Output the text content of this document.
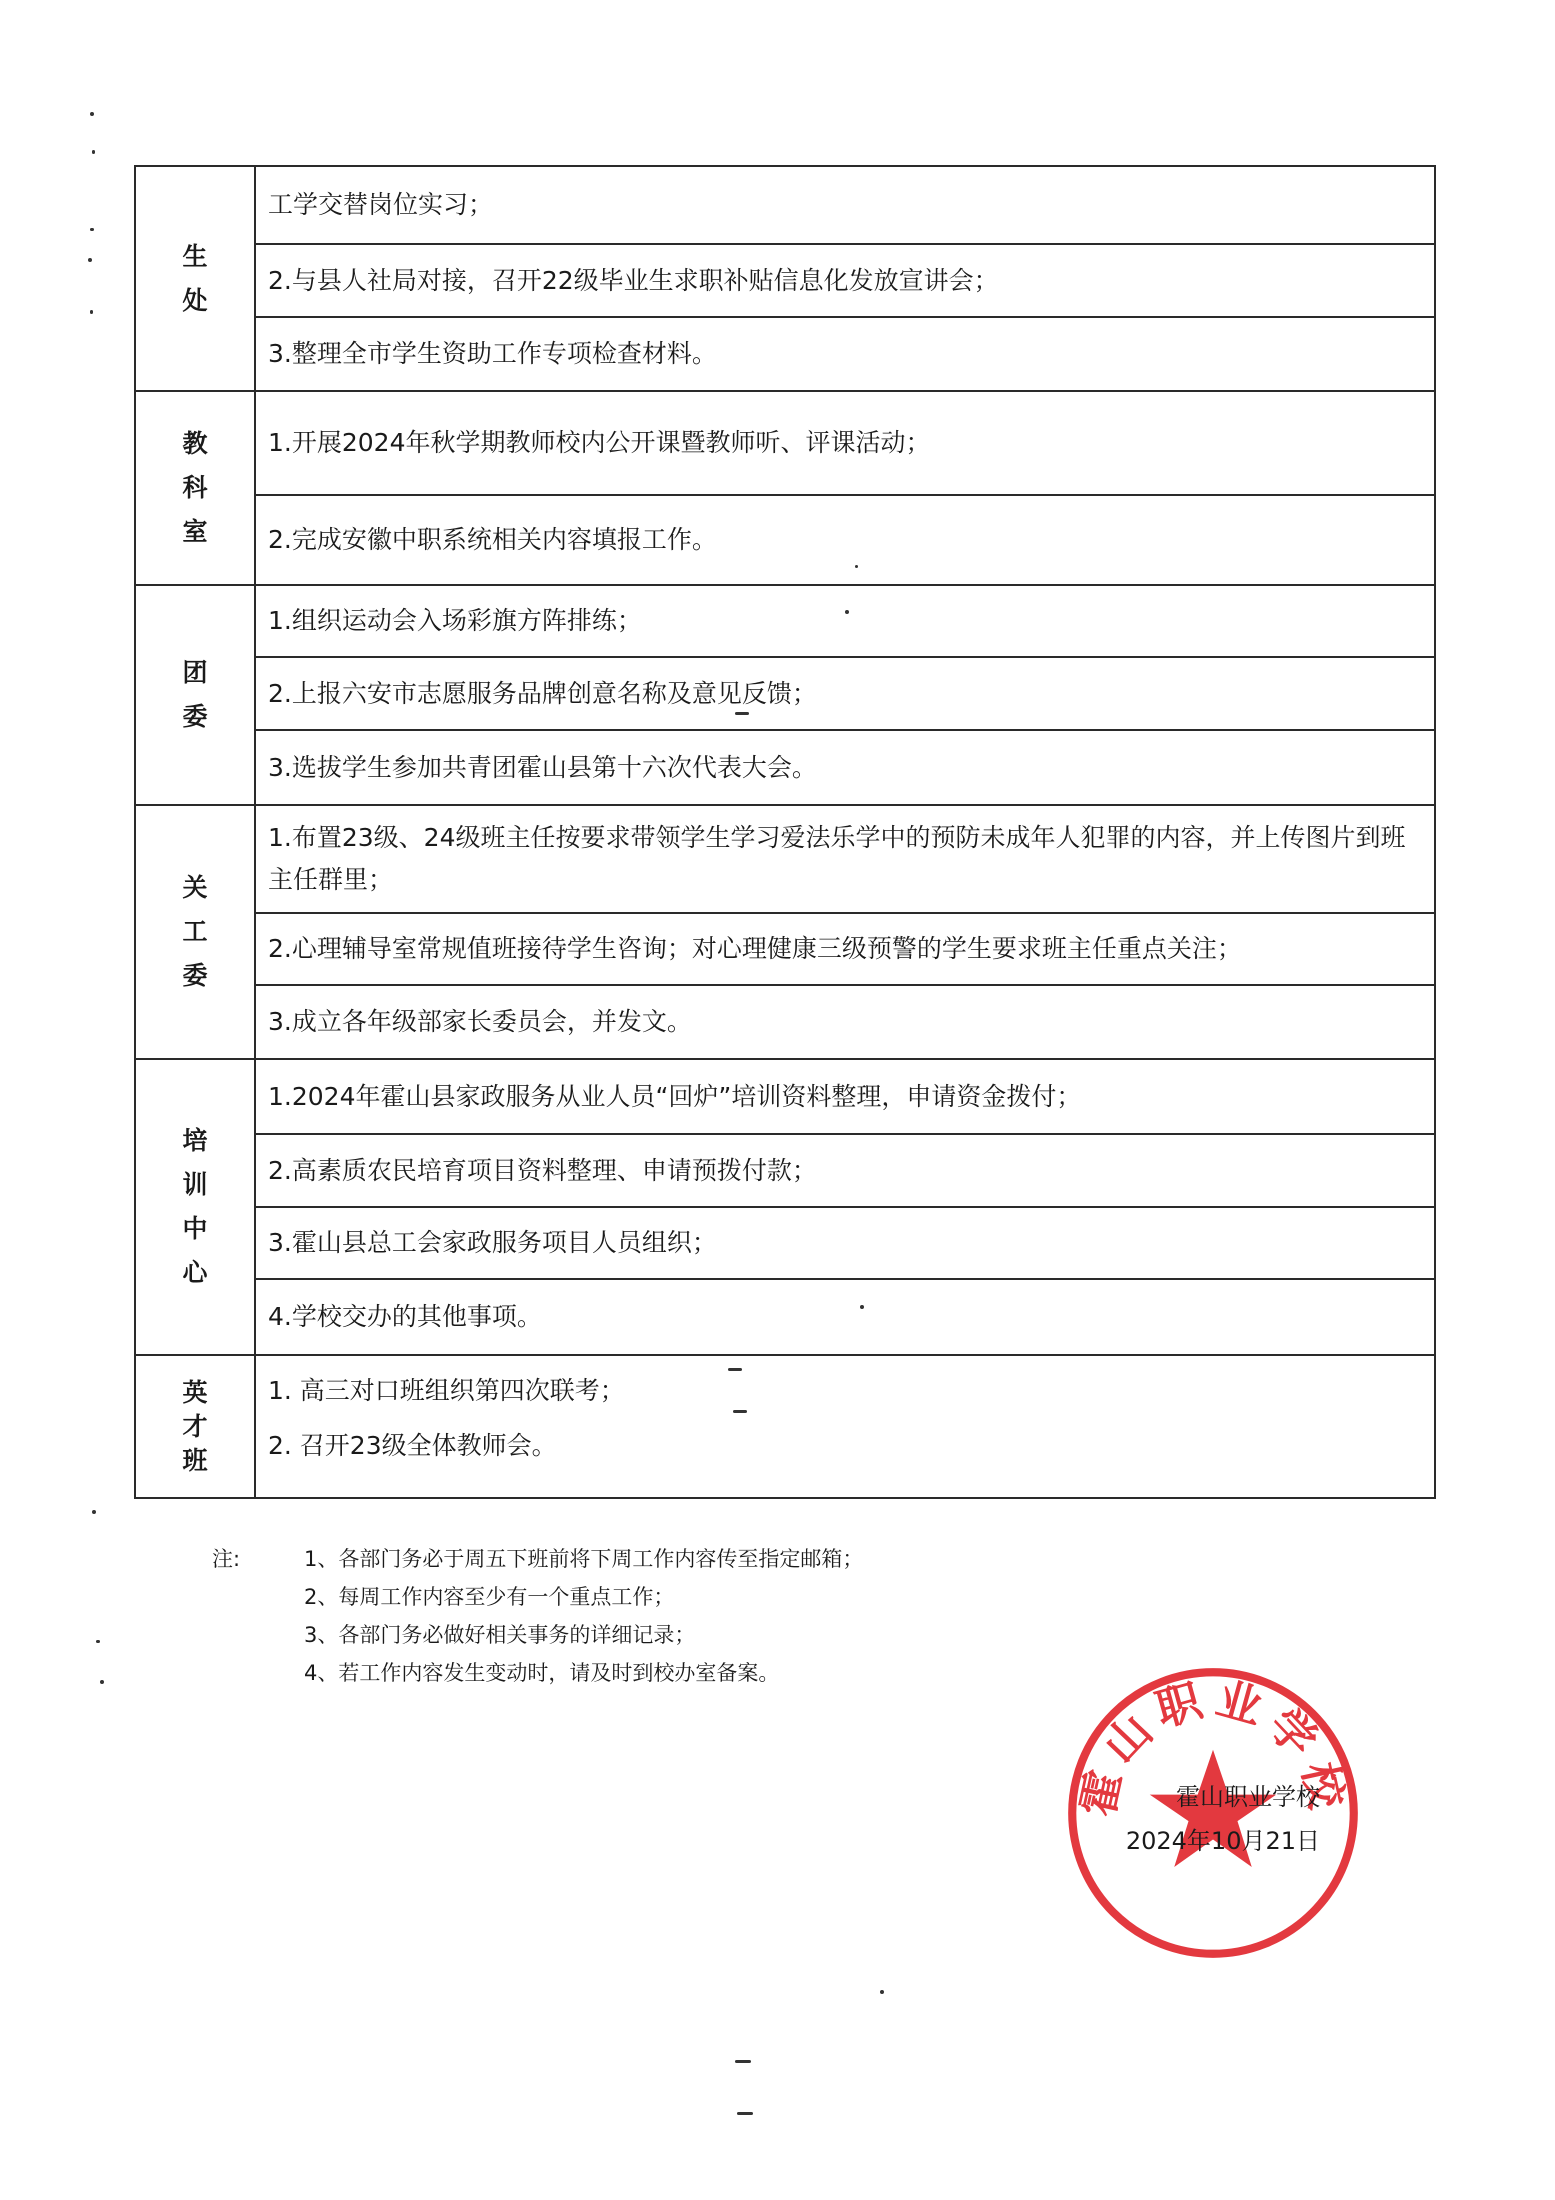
生
处	工学交替岗位实习；
	2.与县人社局对接，召开22级毕业生求职补贴信息化发放宣讲会；
	3.整理全市学生资助工作专项检查材料。

教
科
室	1.开展2024年秋学期教师校内公开课暨教师听、评课活动；
	2.完成安徽中职系统相关内容填报工作。

团
委	1.组织运动会入场彩旗方阵排练；
	2.上报六安市志愿服务品牌创意名称及意见反馈；
	3.选拔学生参加共青团霍山县第十六次代表大会。

关
工
委	1.布置23级、24级班主任按要求带领学生学习爱法乐学中的预防未成年人犯罪的内容，并上传图片到班主任群里；
	2.心理辅导室常规值班接待学生咨询；对心理健康三级预警的学生要求班主任重点关注；
	3.成立各年级部家长委员会，并发文。

培
训
中
心	1.2024年霍山县家政服务从业人员“回炉”培训资料整理，申请资金拨付；
	2.高素质农民培育项目资料整理、申请预拨付款；
	3.霍山县总工会家政服务项目人员组织；
	4.学校交办的其他事项。

英
才
班	1. 高三对口班组织第四次联考；
	2. 召开23级全体教师会。
注:	1、各部门务必于周五下班前将下周工作内容传至指定邮箱；
2、每周工作内容至少有一个重点工作；
3、各部门务必做好相关事务的详细记录；
4、若工作内容发生变动时，请及时到校办室备案。
霍山职业学校
霍山职业学校
2024年10月21日
